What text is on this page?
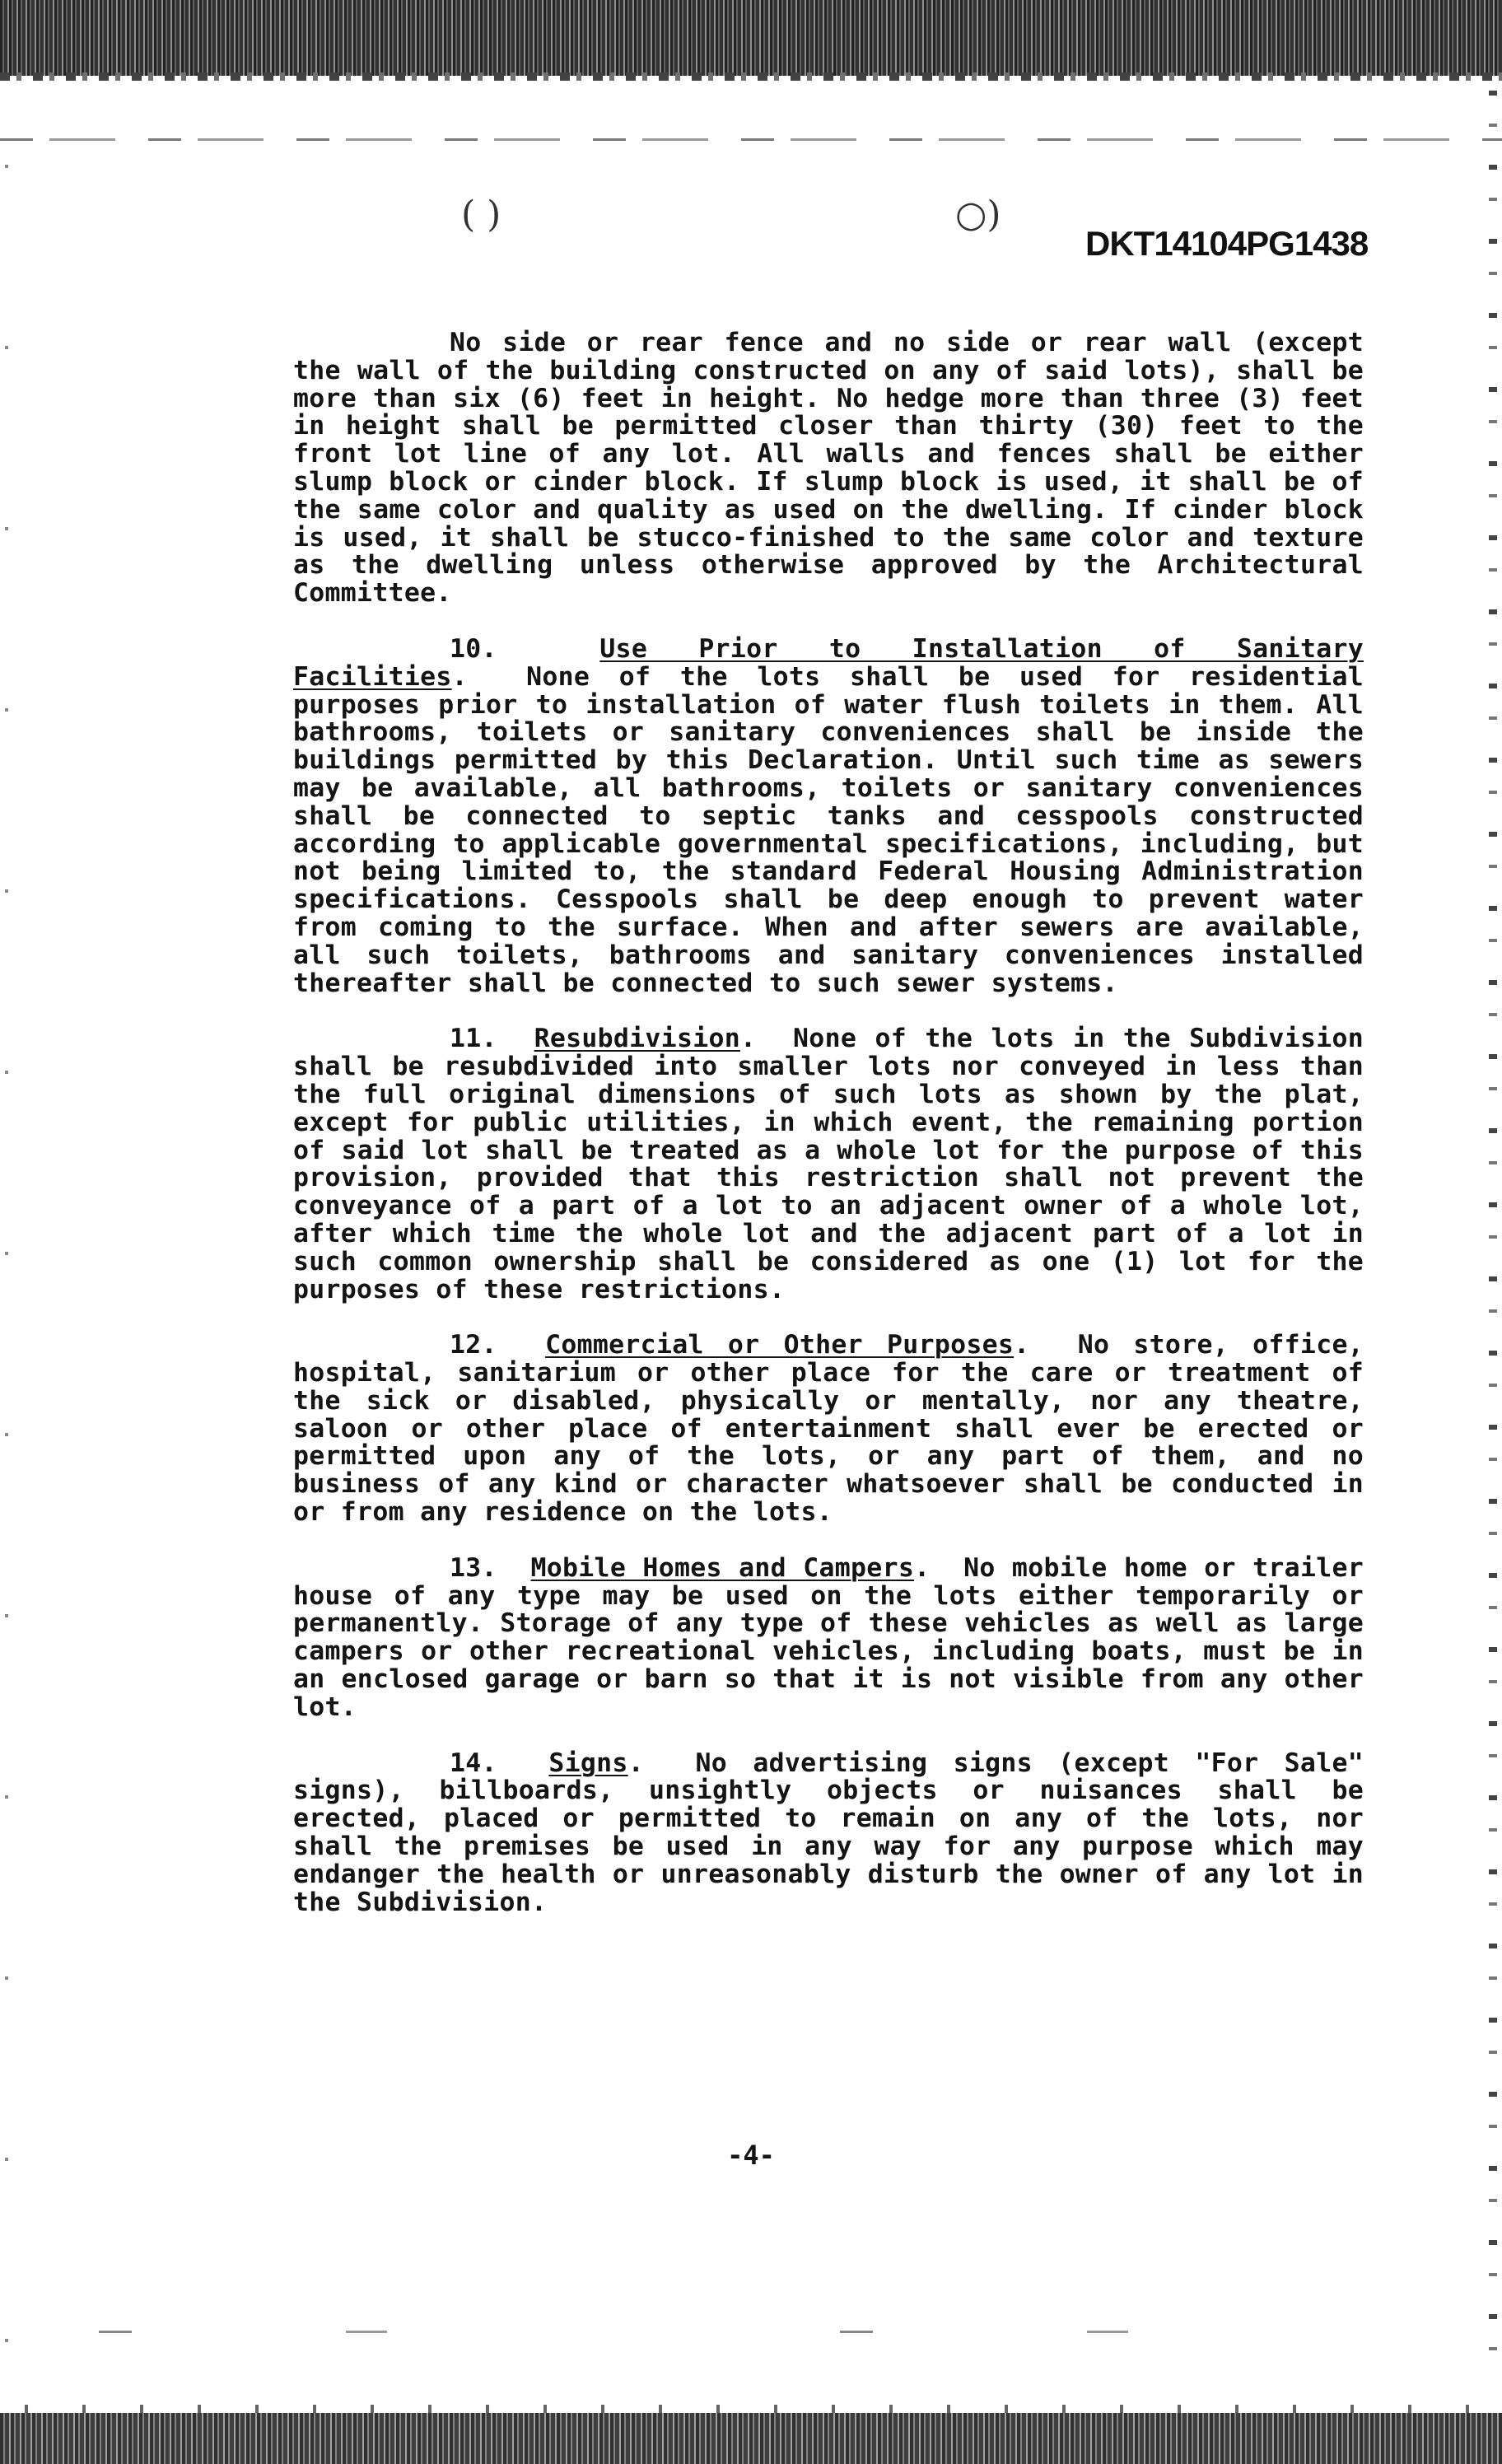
( )	○)
DKT14104PG1438

No side or rear fence and no side or rear wall (except the wall of the building constructed on any of said lots), shall be more than six (6) feet in height. No hedge more than three (3) feet in height shall be permitted closer than thirty (30) feet to the front lot line of any lot. All walls and fences shall be either slump block or cinder block. If slump block is used, it shall be of the same color and quality as used on the dwelling. If cinder block is used, it shall be stucco-finished to the same color and texture as the dwelling unless otherwise approved by the Architectural Committee.

10.	Use Prior to Installation of Sanitary Facilities.  None of the lots shall be used for residential purposes prior to installation of water flush toilets in them. All bathrooms, toilets or sanitary conveniences shall be inside the buildings permitted by this Declaration. Until such time as sewers may be available, all bathrooms, toilets or sanitary conveniences shall be connected to septic tanks and cesspools constructed according to applicable governmental specifications, including, but not being limited to, the standard Federal Housing Administration specifications. Cesspools shall be deep enough to prevent water from coming to the surface. When and after sewers are available, all such toilets, bathrooms and sanitary conveniences installed thereafter shall be connected to such sewer systems.

11. Resubdivision.  None of the lots in the Subdivision shall be resubdivided into smaller lots nor conveyed in less than the full original dimensions of such lots as shown by the plat, except for public utilities, in which event, the remaining portion of said lot shall be treated as a whole lot for the purpose of this provision, provided that this restriction shall not prevent the conveyance of a part of a lot to an adjacent owner of a whole lot, after which time the whole lot and the adjacent part of a lot in such common ownership shall be considered as one (1) lot for the purposes of these restrictions.

12. Commercial or Other Purposes.  No store, office, hospital, sanitarium or other place for the care or treatment of the sick or disabled, physically or mentally, nor any theatre, saloon or other place of entertainment shall ever be erected or permitted upon any of the lots, or any part of them, and no business of any kind or character whatsoever shall be conducted in or from any residence on the lots.

13. Mobile Homes and Campers.  No mobile home or trailer house of any type may be used on the lots either temporarily or permanently. Storage of any type of these vehicles as well as large campers or other recreational vehicles, including boats, must be in an enclosed garage or barn so that it is not visible from any other lot.

14. Signs.  No advertising signs (except "For Sale" signs), billboards, unsightly objects or nuisances shall be erected, placed or permitted to remain on any of the lots, nor shall the premises be used in any way for any purpose which may endanger the health or unreasonably disturb the owner of any lot in the Subdivision.

-4-
